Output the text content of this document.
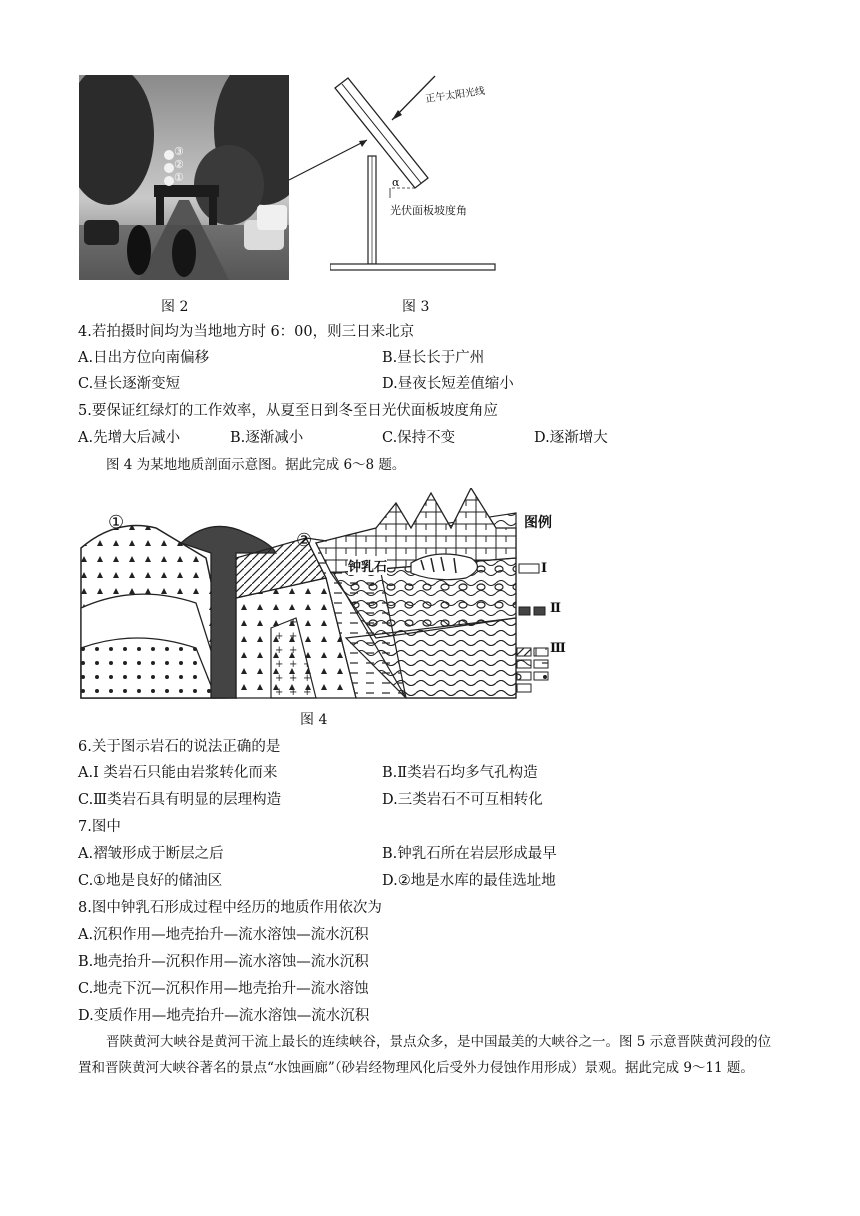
③
②
①
正午太阳光线
α
光伏面板坡度角
图 2	图 3
4.若拍摄时间均为当地地方时 6：00，则三日来北京
A.日出方位向南偏移	B.昼长长于广州
C.昼长逐渐变短	D.昼夜长短差值缩小
5.要保证红绿灯的工作效率，从夏至日到冬至日光伏面板坡度角应
A.先增大后减小	B.逐渐减小	C.保持不变	D.逐渐增大
图 4 为某地地质剖面示意图。据此完成 6～8 题。
①
②
钟乳石
图例
Ⅰ
Ⅱ
Ⅲ
图 4
6.关于图示岩石的说法正确的是
A.I 类岩石只能由岩浆转化而来	B.Ⅱ类岩石均多气孔构造
C.Ⅲ类岩石具有明显的层理构造	D.三类岩石不可互相转化
7.图中
A.褶皱形成于断层之后	B.钟乳石所在岩层形成最早
C.①地是良好的储油区	D.②地是水库的最佳选址地
8.图中钟乳石形成过程中经历的地质作用依次为
A.沉积作用—地壳抬升—流水溶蚀—流水沉积
B.地壳抬升—沉积作用—流水溶蚀—流水沉积
C.地壳下沉—沉积作用—地壳抬升—流水溶蚀
D.变质作用—地壳抬升—流水溶蚀—流水沉积
晋陕黄河大峡谷是黄河干流上最长的连续峡谷，景点众多，是中国最美的大峡谷之一。图 5 示意晋陕黄河段的位置和晋陕黄河大峡谷著名的景点“水蚀画廊”（砂岩经物理风化后受外力侵蚀作用形成）景观。据此完成 9～11 题。
